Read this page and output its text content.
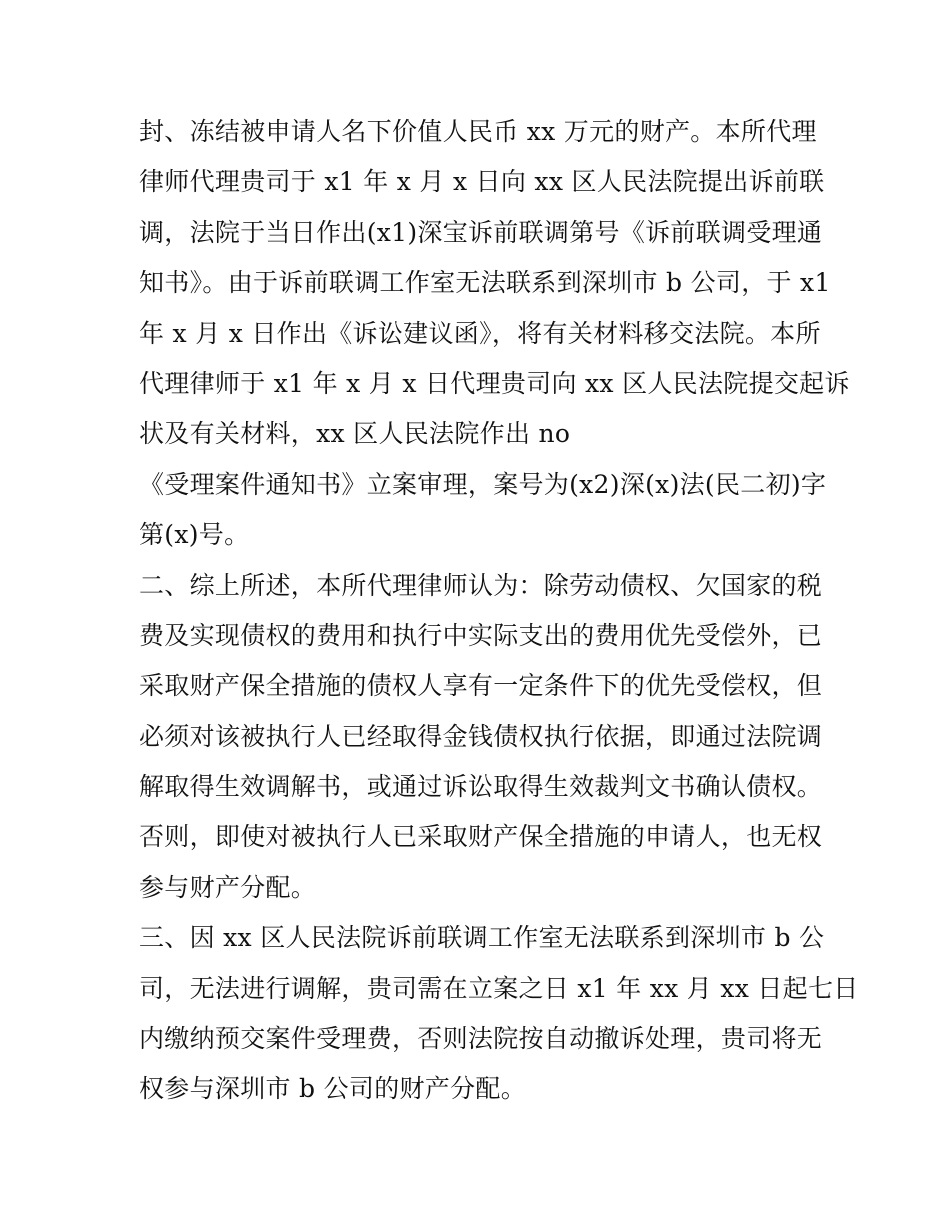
封、冻结被申请人名下价值人民币 xx 万元的财产。本所代理
律师代理贵司于 x1 年 x 月 x 日向 xx 区人民法院提出诉前联
调，法院于当日作出(x1)深宝诉前联调第号《诉前联调受理通
知书》。由于诉前联调工作室无法联系到深圳市 b 公司，于 x1
年 x 月 x 日作出《诉讼建议函》，将有关材料移交法院。本所
代理律师于 x1 年 x 月 x 日代理贵司向 xx 区人民法院提交起诉
状及有关材料，xx 区人民法院作出 no
《受理案件通知书》立案审理，案号为(x2)深(x)法(民二初)字
第(x)号。
二、综上所述，本所代理律师认为：除劳动债权、欠国家的税
费及实现债权的费用和执行中实际支出的费用优先受偿外，已
采取财产保全措施的债权人享有一定条件下的优先受偿权，但
必须对该被执行人已经取得金钱债权执行依据，即通过法院调
解取得生效调解书，或通过诉讼取得生效裁判文书确认债权。
否则，即使对被执行人已采取财产保全措施的申请人，也无权
参与财产分配。
三、因 xx 区人民法院诉前联调工作室无法联系到深圳市 b 公
司，无法进行调解，贵司需在立案之日 x1 年 xx 月 xx 日起七日
内缴纳预交案件受理费，否则法院按自动撤诉处理，贵司将无
权参与深圳市 b 公司的财产分配。
